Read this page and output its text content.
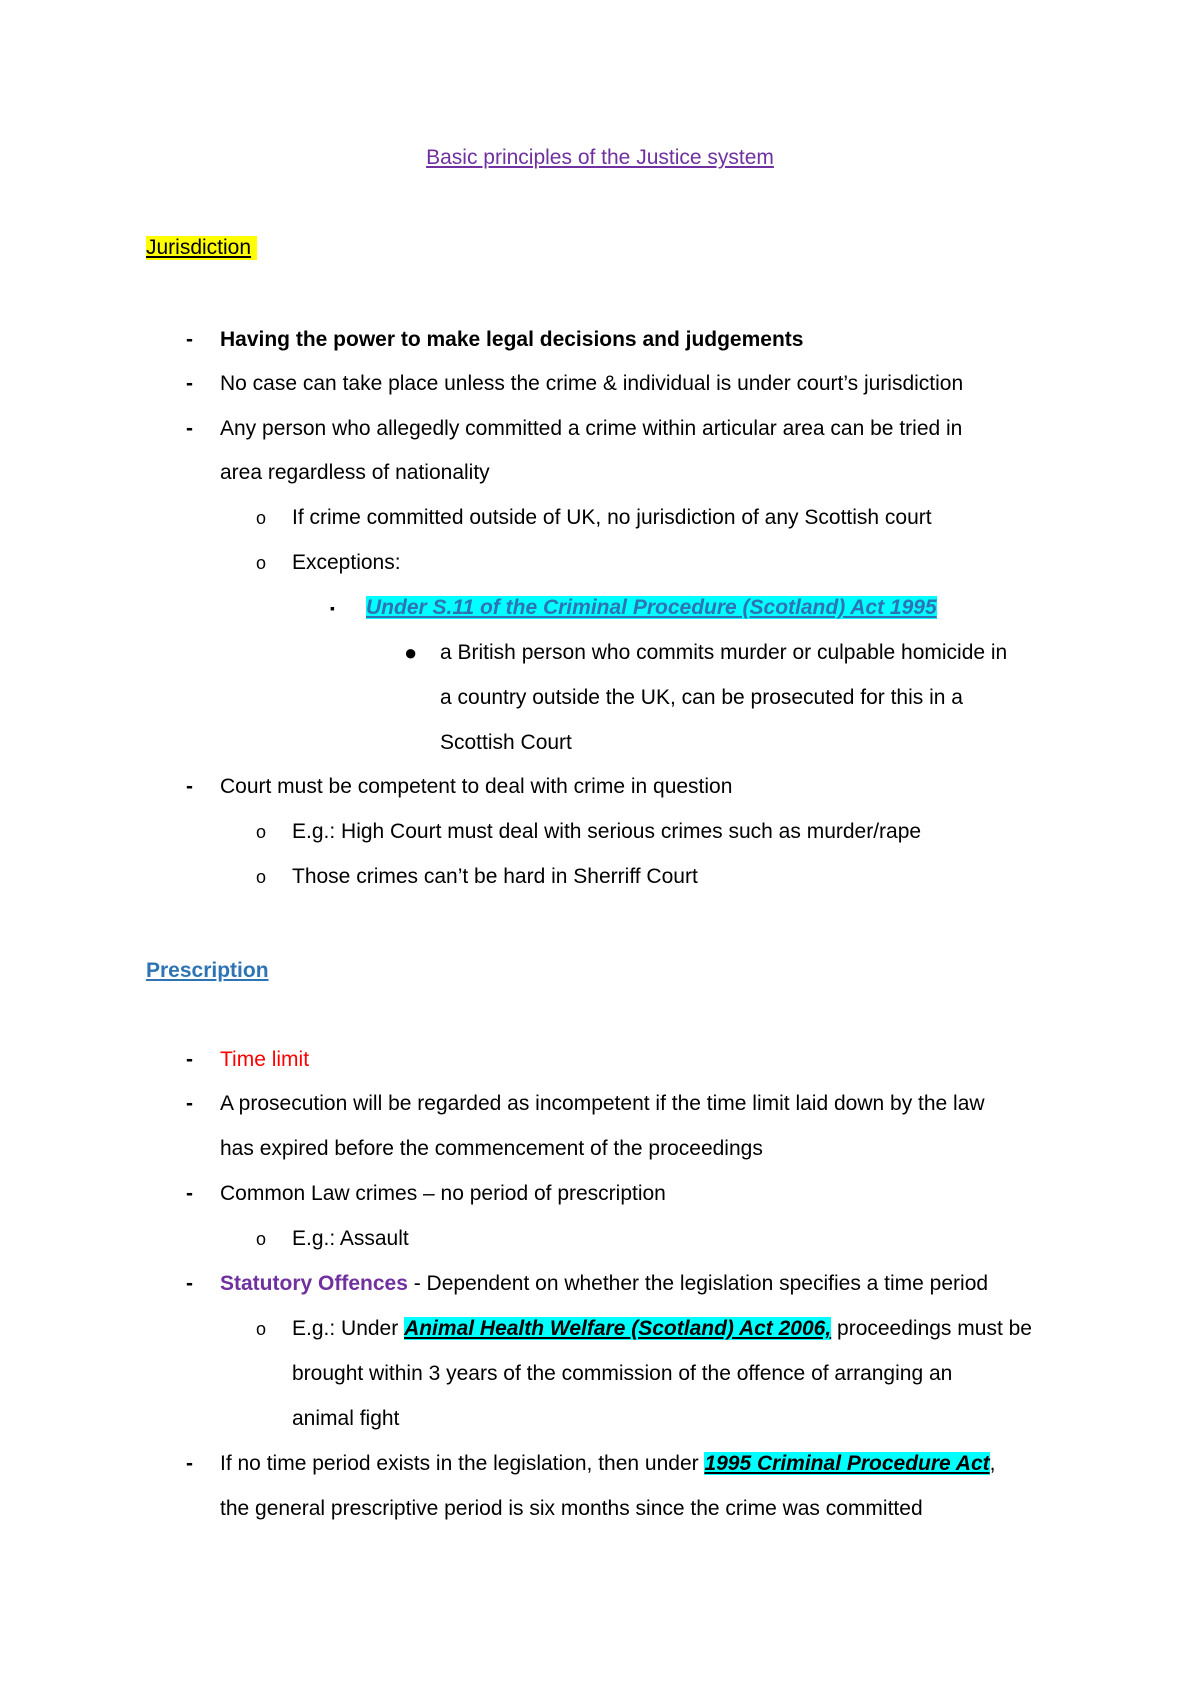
Basic principles of the Justice system
Jurisdiction
- Having the power to make legal decisions and judgements
- No case can take place unless the crime & individual is under court’s jurisdiction
- Any person who allegedly committed a crime within articular area can be tried in
area regardless of nationality
o If crime committed outside of UK, no jurisdiction of any Scottish court
o Exceptions:
▪ Under S.11 of the Criminal Procedure (Scotland) Act 1995
● a British person who commits murder or culpable homicide in
a country outside the UK, can be prosecuted for this in a
Scottish Court
- Court must be competent to deal with crime in question
o E.g.: High Court must deal with serious crimes such as murder/rape
o Those crimes can’t be hard in Sherriff Court
Prescription
- Time limit
- A prosecution will be regarded as incompetent if the time limit laid down by the law
has expired before the commencement of the proceedings
- Common Law crimes – no period of prescription
o E.g.: Assault
- Statutory Offences - Dependent on whether the legislation specifies a time period
o E.g.: Under Animal Health Welfare (Scotland) Act 2006, proceedings must be
brought within 3 years of the commission of the offence of arranging an
animal fight
- If no time period exists in the legislation, then under 1995 Criminal Procedure Act,
the general prescriptive period is six months since the crime was committed
